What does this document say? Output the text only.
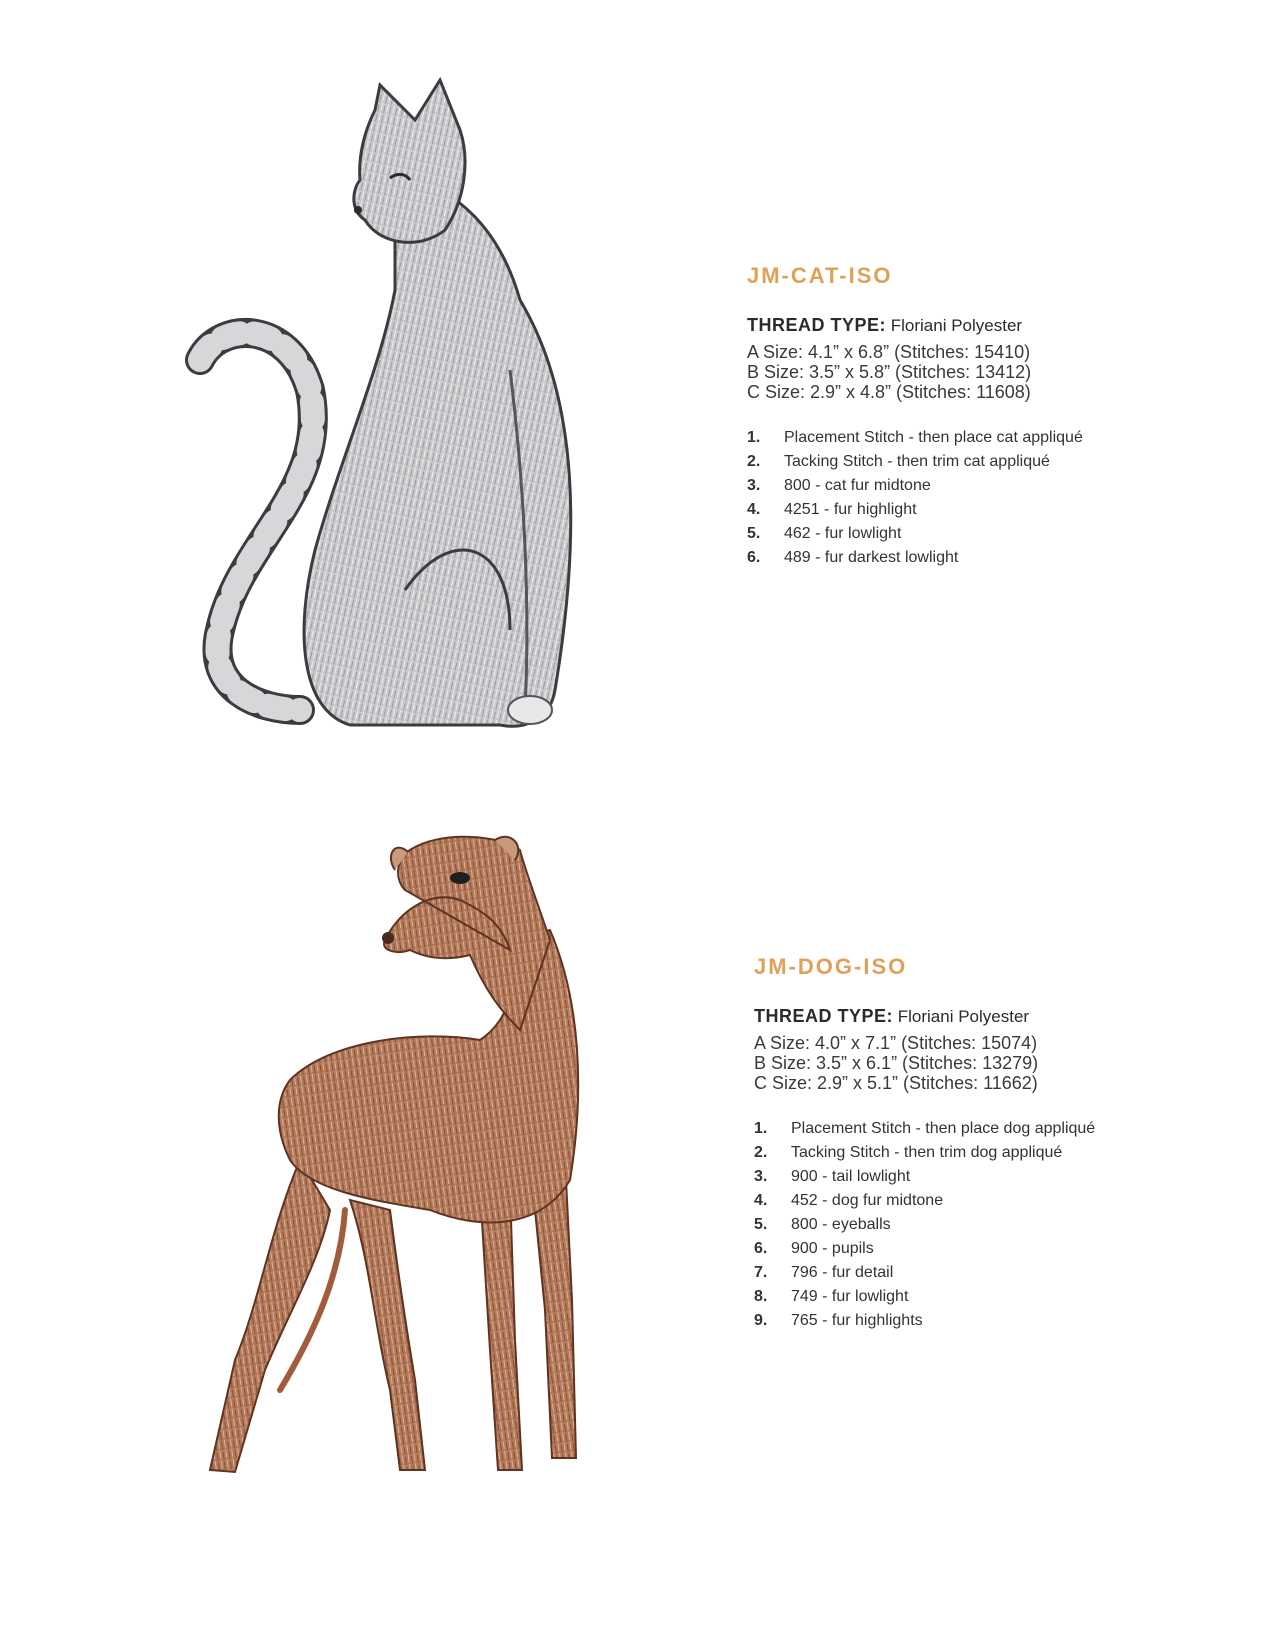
JM-CAT-ISO
THREAD TYPE: Floriani Polyester
A Size: 4.1” x 6.8” (Stitches: 15410)
B Size: 3.5” x 5.8” (Stitches: 13412)
C Size: 2.9” x 4.8” (Stitches: 11608)
1. Placement Stitch - then place cat appliqué
2. Tacking Stitch - then trim cat appliqué
3. 800 - cat fur midtone
4. 4251 - fur highlight
5. 462 - fur lowlight
6. 489 - fur darkest lowlight
JM-DOG-ISO
THREAD TYPE: Floriani Polyester
A Size: 4.0” x 7.1” (Stitches: 15074)
B Size: 3.5” x 6.1” (Stitches: 13279)
C Size: 2.9” x 5.1” (Stitches: 11662)
1. Placement Stitch - then place dog appliqué
2. Tacking Stitch - then trim dog appliqué
3. 900 - tail lowlight
4. 452 - dog fur midtone
5. 800 - eyeballs
6. 900 - pupils
7. 796 - fur detail
8. 749 - fur lowlight
9. 765 - fur highlights
